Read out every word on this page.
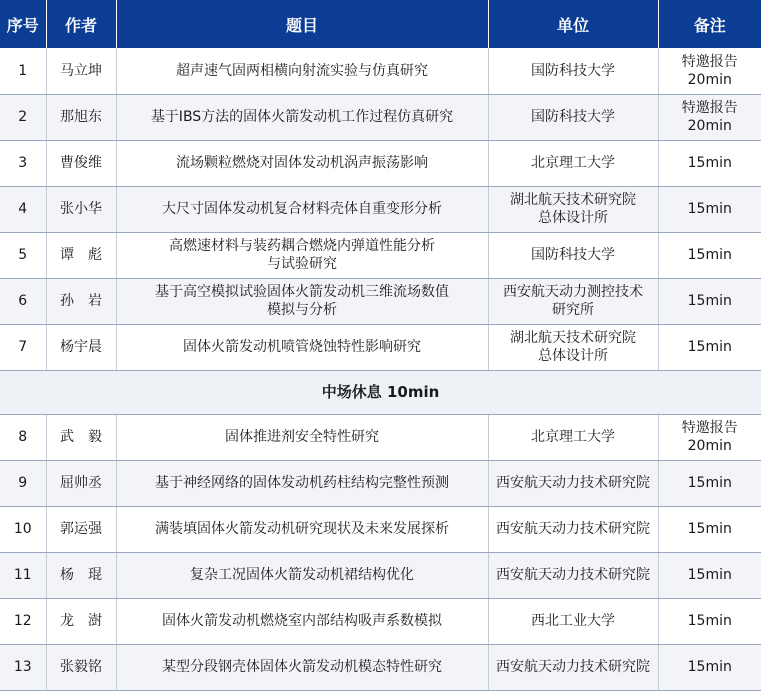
序号	作者	题目	单位	备注
1	马立坤	超声速气固两相横向射流实验与仿真研究	国防科技大学	特邀报告
20min
2	那旭东	基于IBS方法的固体火箭发动机工作过程仿真研究	国防科技大学	特邀报告
20min
3	曹俊维	流场颗粒燃烧对固体发动机涡声振荡影响	北京理工大学	15min
4	张小华	大尺寸固体发动机复合材料壳体自重变形分析	湖北航天技术研究院
总体设计所	15min
5	谭　彪	高燃速材料与装药耦合燃烧内弹道性能分析
与试验研究	国防科技大学	15min
6	孙　岩	基于高空模拟试验固体火箭发动机三维流场数值
模拟与分析	西安航天动力测控技术
研究所	15min
7	杨宇晨	固体火箭发动机喷管烧蚀特性影响研究	湖北航天技术研究院
总体设计所	15min
中场休息 10min				
8	武　毅	固体推进剂安全特性研究	北京理工大学	特邀报告
20min
9	屈帅丞	基于神经网络的固体发动机药柱结构完整性预测	西安航天动力技术研究院	15min
10	郭运强	满装填固体火箭发动机研究现状及未来发展探析	西安航天动力技术研究院	15min
11	杨　琨	复杂工况固体火箭发动机裙结构优化	西安航天动力技术研究院	15min
12	龙　澍	固体火箭发动机燃烧室内部结构吸声系数模拟	西北工业大学	15min
13	张毅铭	某型分段钢壳体固体火箭发动机模态特性研究	西安航天动力技术研究院	15min
